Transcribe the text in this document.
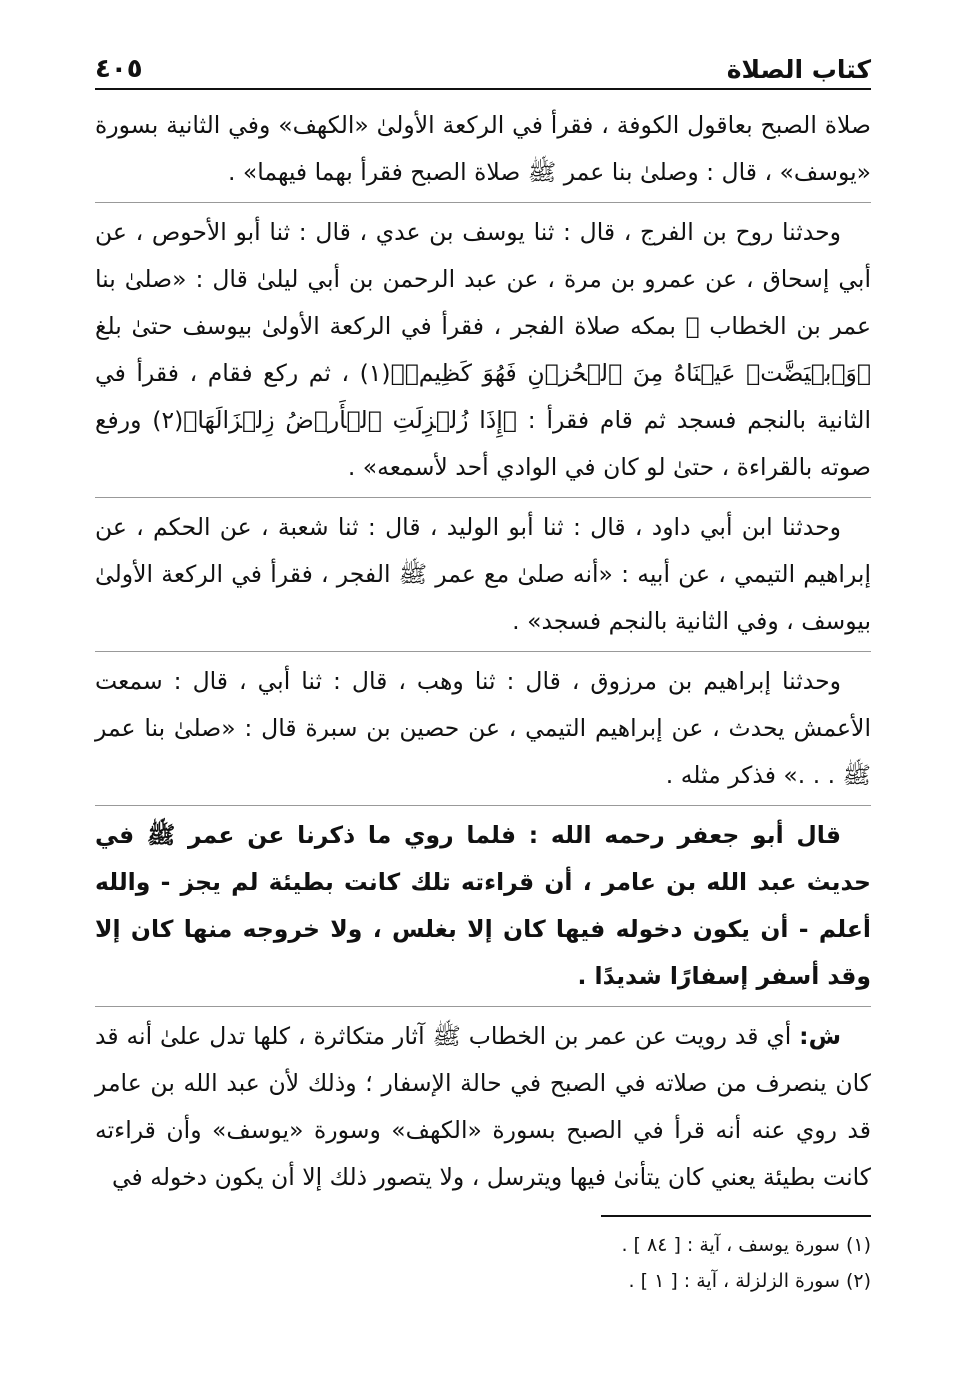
كتاب الصلاة
٤٠٥

صلاة الصبح بعاقول الكوفة ، فقرأ في الركعة الأولىٰ «الكهف» وفي الثانية بسورة «يوسف» ، قال : وصلىٰ بنا عمر ﷺ صلاة الصبح فقرأ بهما فيهما» .

وحدثنا روح بن الفرج ، قال : ثنا يوسف بن عدي ، قال : ثنا أبو الأحوص ، عن أبي إسحاق ، عن عمرو بن مرة ، عن عبد الرحمن بن أبي ليلىٰ قال : «صلىٰ بنا عمر بن الخطاب ﷺ بمكه صلاة الفجر ، فقرأ في الركعة الأولىٰ بيوسف حتىٰ بلغ ﴿وَٱبۡيَضَّتۡ عَيۡنَاهُ مِنَ ٱلۡحُزۡنِ فَهُوَ كَظِيمٞ﴾(١) ، ثم ركع فقام ، فقرأ في الثانية بالنجم فسجد ثم قام فقرأ : ﴿إِذَا زُلۡزِلَتِ ٱلۡأَرۡضُ زِلۡزَالَهَا﴾(٢) ورفع صوته بالقراءة ، حتىٰ لو كان في الوادي أحد لأسمعه» .

وحدثنا ابن أبي داود ، قال : ثنا أبو الوليد ، قال : ثنا شعبة ، عن الحكم ، عن إبراهيم التيمي ، عن أبيه : «أنه صلىٰ مع عمر ﷺ الفجر ، فقرأ في الركعة الأولىٰ بيوسف ، وفي الثانية بالنجم فسجد» .

وحدثنا إبراهيم بن مرزوق ، قال : ثنا وهب ، قال : ثنا أبي ، قال : سمعت الأعمش يحدث ، عن إبراهيم التيمي ، عن حصين بن سبرة قال : «صلىٰ بنا عمر ﷺ . . .» فذكر مثله .

قال أبو جعفر رحمه الله : فلما روي ما ذكرنا عن عمر ﷺ في حديث عبد الله بن عامر ، أن قراءته تلك كانت بطيئة لم يجز - والله أعلم - أن يكون دخوله فيها كان إلا بغلس ، ولا خروجه منها كان إلا وقد أسفر إسفارًا شديدًا .

ش: أي قد رويت عن عمر بن الخطاب ﷺ آثار متكاثرة ، كلها تدل علىٰ أنه قد كان ينصرف من صلاته في الصبح في حالة الإسفار ؛ وذلك لأن عبد الله بن عامر قد روي عنه أنه قرأ في الصبح بسورة «الكهف» وسورة «يوسف» وأن قراءته كانت بطيئة يعني كان يتأنىٰ فيها ويترسل ، ولا يتصور ذلك إلا أن يكون دخوله في

(١) سورة يوسف ، آية : [ ٨٤ ] .
(٢) سورة الزلزلة ، آية : [ ١ ] .
